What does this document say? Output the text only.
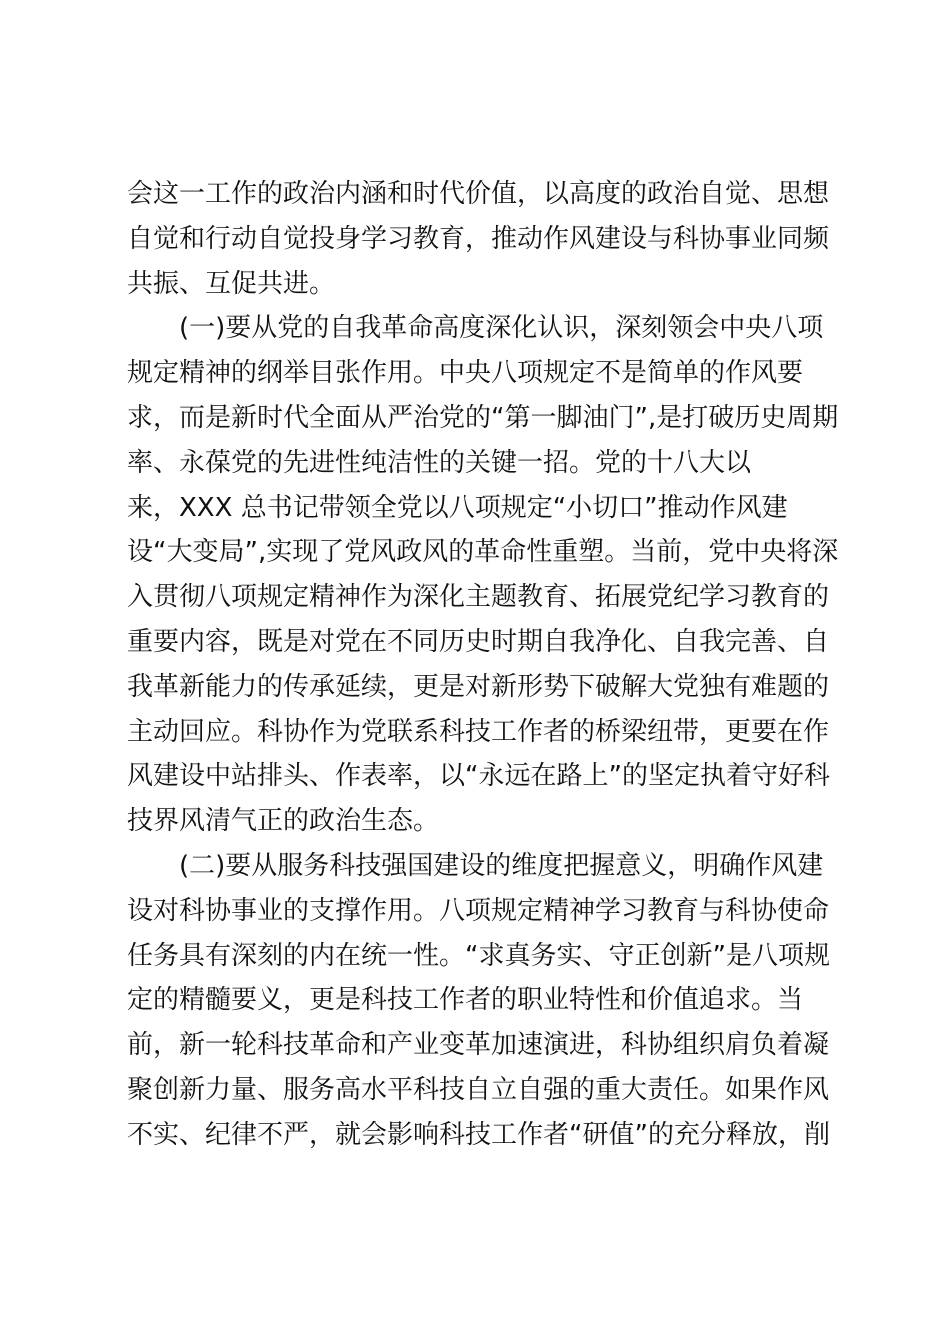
会这一工作的政治内涵和时代价值，以高度的政治自觉、思想
自觉和行动自觉投身学习教育，推动作风建设与科协事业同频
共振、互促共进。
(一)要从党的自我革命高度深化认识，深刻领会中央八项
规定精神的纲举目张作用。中央八项规定不是简单的作风要
求，而是新时代全面从严治党的“第一脚油门”,是打破历史周期
率、永葆党的先进性纯洁性的关键一招。党的十八大以
来，XXX 总书记带领全党以八项规定“小切口”推动作风建
设“大变局”,实现了党风政风的革命性重塑。当前，党中央将深
入贯彻八项规定精神作为深化主题教育、拓展党纪学习教育的
重要内容，既是对党在不同历史时期自我净化、自我完善、自
我革新能力的传承延续，更是对新形势下破解大党独有难题的
主动回应。科协作为党联系科技工作者的桥梁纽带，更要在作
风建设中站排头、作表率，以“永远在路上”的坚定执着守好科
技界风清气正的政治生态。
(二)要从服务科技强国建设的维度把握意义，明确作风建
设对科协事业的支撑作用。八项规定精神学习教育与科协使命
任务具有深刻的内在统一性。“求真务实、守正创新”是八项规
定的精髓要义，更是科技工作者的职业特性和价值追求。当
前，新一轮科技革命和产业变革加速演进，科协组织肩负着凝
聚创新力量、服务高水平科技自立自强的重大责任。如果作风
不实、纪律不严，就会影响科技工作者“研值”的充分释放，削
